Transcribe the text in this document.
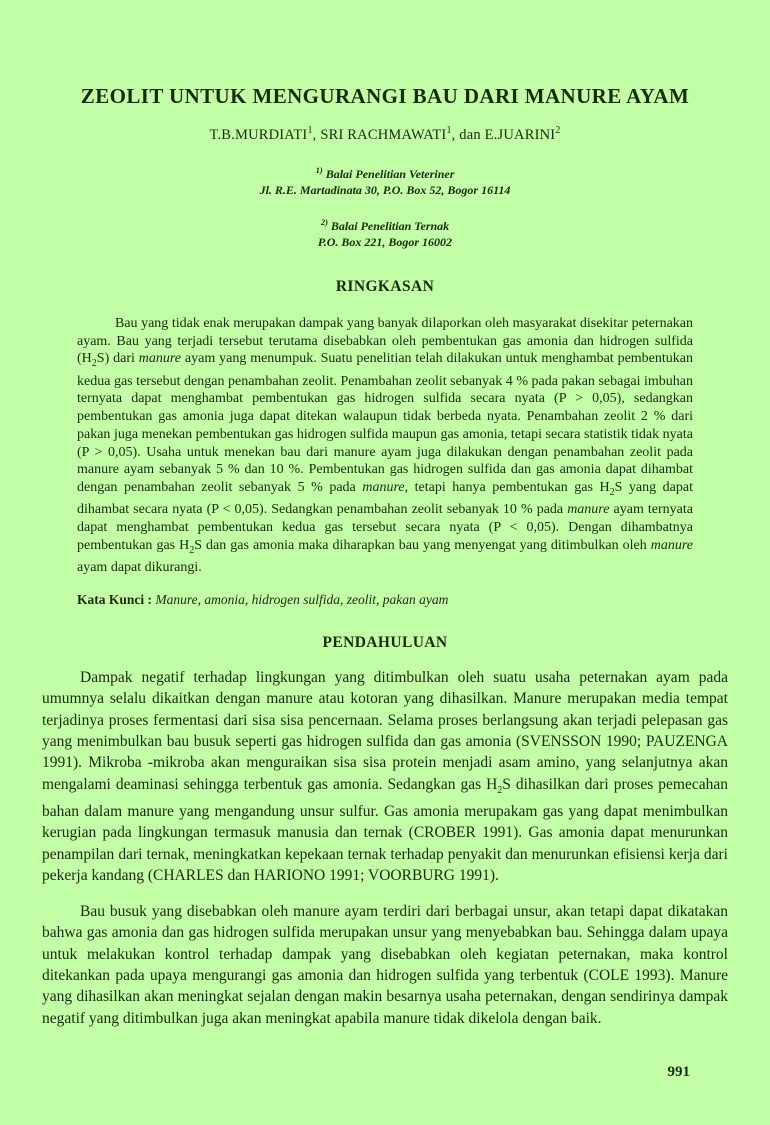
ZEOLIT UNTUK MENGURANGI BAU DARI MANURE AYAM
T.B.MURDIATI$^1$, SRI RACHMAWATI$^1$, dan E.JUARINI$^2$
$^{1)}$ Balai Penelitian Veteriner
Jl. R.E. Martadinata 30, P.O. Box 52, Bogor 16114
$^{2)}$ Balai Penelitian Ternak
P.O. Box 221, Bogor 16002
RINGKASAN
Bau yang tidak enak merupakan dampak yang banyak dilaporkan oleh masyarakat disekitar peternakan ayam. Bau yang terjadi tersebut terutama disebabkan oleh pembentukan gas amonia dan hidrogen sulfida $(H_2S)$ dari manure ayam yang menumpuk. Suatu penelitian telah dilakukan untuk menghambat pembentukan kedua gas tersebut dengan penambahan zeolit. Penambahan zeolit sebanyak 4 % pada pakan sebagai imbuhan ternyata dapat menghambat pembentukan gas hidrogen sulfida secara nyata (P > 0,05), sedangkan pembentukan gas amonia juga dapat ditekan walaupun tidak berbeda nyata. Penambahan zeolit 2 % dari pakan juga menekan pembentukan gas hidrogen sulfida maupun gas amonia, tetapi secara statistik tidak nyata (P > 0,05). Usaha untuk menekan bau dari manure ayam juga dilakukan dengan penambahan zeolit pada manure ayam sebanyak 5 % dan 10 %. Pembentukan gas hidrogen sulfida dan gas amonia dapat dihambat dengan penambahan zeolit sebanyak 5 % pada manure, tetapi hanya pembentukan gas $H_2S$ yang dapat dihambat secara nyata (P < 0,05). Sedangkan penambahan zeolit sebanyak 10 % pada manure ayam ternyata dapat menghambat pembentukan kedua gas tersebut secara nyata (P < 0,05). Dengan dihambatnya pembentukan gas $H_2S$ dan gas amonia maka diharapkan bau yang menyengat yang ditimbulkan oleh manure ayam dapat dikurangi.
Kata Kunci : Manure, amonia, hidrogen sulfida, zeolit, pakan ayam
PENDAHULUAN
Dampak negatif terhadap lingkungan yang ditimbulkan oleh suatu usaha peternakan ayam pada umumnya selalu dikaitkan dengan manure atau kotoran yang dihasilkan. Manure merupakan media tempat terjadinya proses fermentasi dari sisa sisa pencernaan. Selama proses berlangsung akan terjadi pelepasan gas yang menimbulkan bau busuk seperti gas hidrogen sulfida dan gas amonia (SVENSSON 1990; PAUZENGA 1991). Mikroba -mikroba akan menguraikan sisa sisa protein menjadi asam amino, yang selanjutnya akan mengalami deaminasi sehingga terbentuk gas amonia. Sedangkan gas $H_2S$ dihasilkan dari proses pemecahan bahan dalam manure yang mengandung unsur sulfur. Gas amonia merupakam gas yang dapat menimbulkan kerugian pada lingkungan termasuk manusia dan ternak (CROBER 1991). Gas amonia dapat menurunkan penampilan dari ternak, meningkatkan kepekaan ternak terhadap penyakit dan menurunkan efisiensi kerja dari pekerja kandang (CHARLES dan HARIONO 1991; VOORBURG 1991).
Bau busuk yang disebabkan oleh manure ayam terdiri dari berbagai unsur, akan tetapi dapat dikatakan bahwa gas amonia dan gas hidrogen sulfida merupakan unsur yang menyebabkan bau. Sehingga dalam upaya untuk melakukan kontrol terhadap dampak yang disebabkan oleh kegiatan peternakan, maka kontrol ditekankan pada upaya mengurangi gas amonia dan hidrogen sulfida yang terbentuk (COLE 1993). Manure yang dihasilkan akan meningkat sejalan dengan makin besarnya usaha peternakan, dengan sendirinya dampak negatif yang ditimbulkan juga akan meningkat apabila manure tidak dikelola dengan baik.
991
